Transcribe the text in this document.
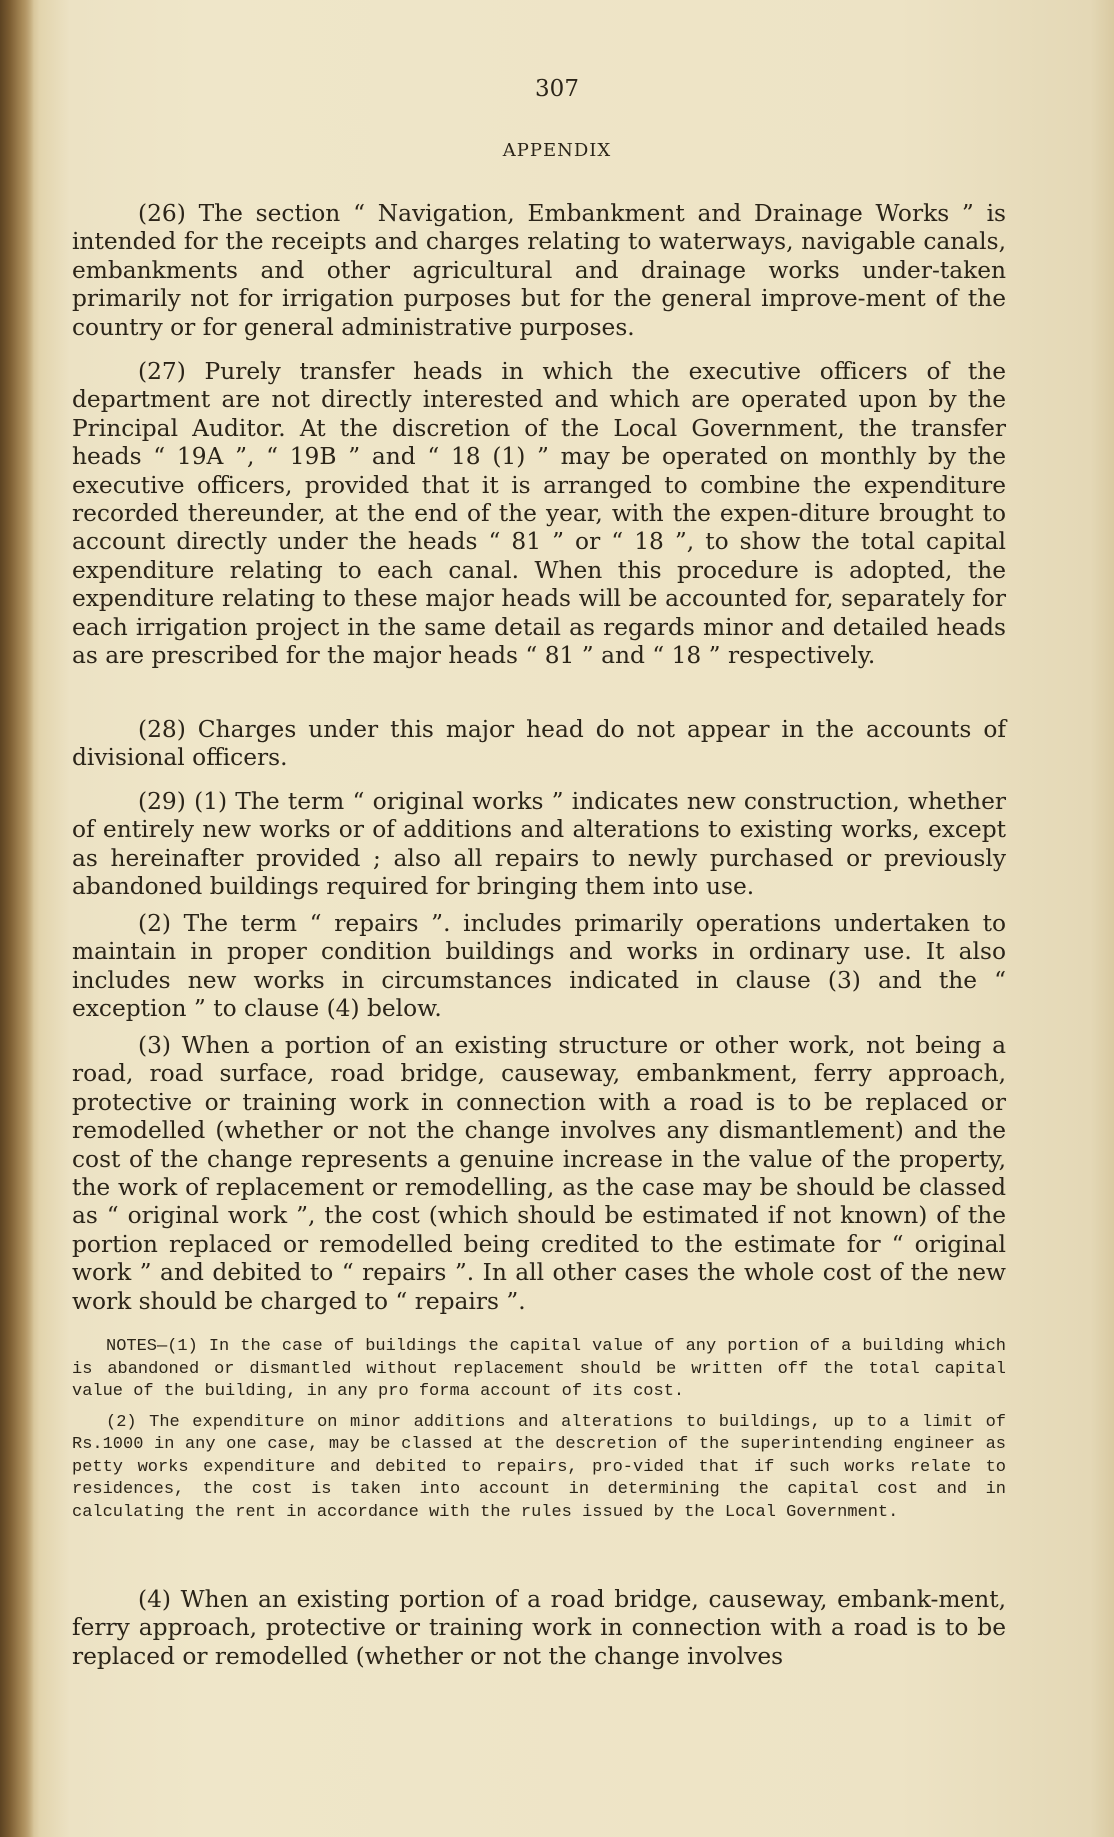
307
APPENDIX

(26) The section “ Navigation, Embankment and Drainage Works ” is intended for the receipts and charges relating to waterways, navigable canals, embankments and other agricultural and drainage works under-taken primarily not for irrigation purposes but for the general improve-ment of the country or for general administrative purposes.

(27) Purely transfer heads in which the executive officers of the department are not directly interested and which are operated upon by the Principal Auditor. At the discretion of the Local Government, the transfer heads “ 19A ”, “ 19B ” and “ 18 (1) ” may be operated on monthly by the executive officers, provided that it is arranged to combine the expenditure recorded thereunder, at the end of the year, with the expen-diture brought to account directly under the heads “ 81 ” or “ 18 ”, to show the total capital expenditure relating to each canal. When this procedure is adopted, the expenditure relating to these major heads will be accounted for, separately for each irrigation project in the same detail as regards minor and detailed heads as are prescribed for the major heads “ 81 ” and “ 18 ” respectively.

(28) Charges under this major head do not appear in the accounts of divisional officers.

(29) (1) The term “ original works ” indicates new construction, whether of entirely new works or of additions and alterations to existing works, except as hereinafter provided ; also all repairs to newly purchased or previously abandoned buildings required for bringing them into use.

(2) The term “ repairs ”. includes primarily operations undertaken to maintain in proper condition buildings and works in ordinary use. It also includes new works in circumstances indicated in clause (3) and the “ exception ” to clause (4) below.

(3) When a portion of an existing structure or other work, not being a road, road surface, road bridge, causeway, embankment, ferry approach, protective or training work in connection with a road is to be replaced or remodelled (whether or not the change involves any dismantlement) and the cost of the change represents a genuine increase in the value of the property, the work of replacement or remodelling, as the case may be should be classed as “ original work ”, the cost (which should be estimated if not known) of the portion replaced or remodelled being credited to the estimate for “ original work ” and debited to “ repairs ”. In all other cases the whole cost of the new work should be charged to “ repairs ”.

NOTES—(1) In the case of buildings the capital value of any portion of a building which is abandoned or dismantled without replacement should be written off the total capital value of the building, in any pro forma account of its cost.

(2) The expenditure on minor additions and alterations to buildings, up to a limit of Rs.1000 in any one case, may be classed at the descretion of the superintending engineer as petty works expenditure and debited to repairs, pro-vided that if such works relate to residences, the cost is taken into account in determining the capital cost and in calculating the rent in accordance with the rules issued by the Local Government.

(4) When an existing portion of a road bridge, causeway, embank-ment, ferry approach, protective or training work in connection with a road is to be replaced or remodelled (whether or not the change involves
